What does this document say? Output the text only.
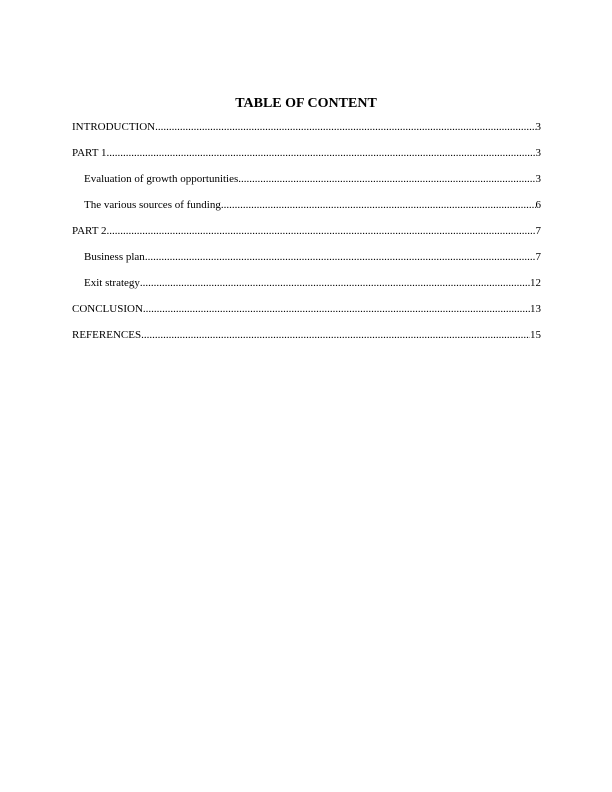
TABLE OF CONTENT
INTRODUCTION .....	3
PART 1 .....	3
Evaluation of growth opportunities .....	3
The various sources of funding .....	6
PART 2 .....	7
Business plan .....	7
Exit strategy .....	12
CONCLUSION .....	13
REFERENCES .....	15
